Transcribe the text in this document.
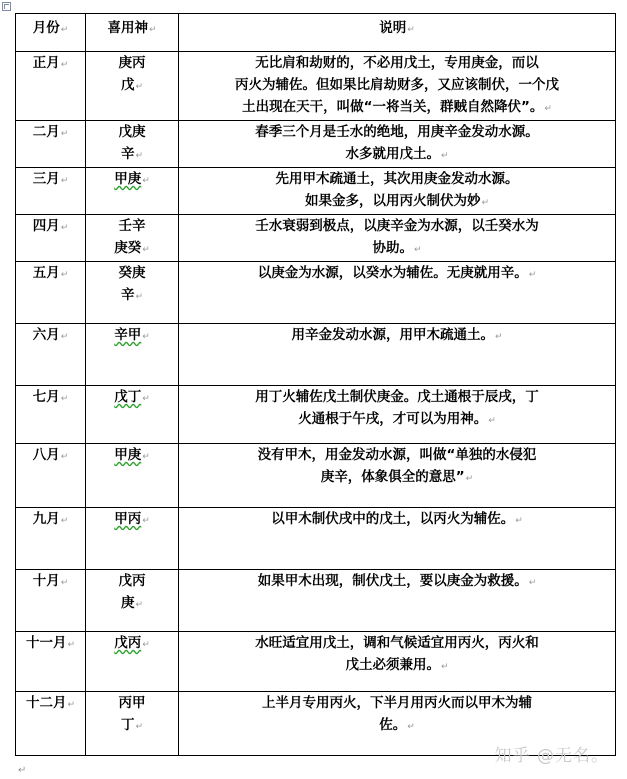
月份↵	喜用神↵	说明↵
正月↵	庚丙
戊↵	无比肩和劫财的，不必用戊土，专用庚金，而以
丙火为辅佐。但如果比肩劫财多，又应该制伏，一个戊
土出现在天干，叫做“一将当关，群贼自然降伏”。↵

二月↵	戊庚
辛↵	春季三个月是壬水的绝地，用庚辛金发动水源。
水多就用戊土。↵

三月↵	甲庚↵	先用甲木疏通土，其次用庚金发动水源。
如果金多，以用丙火制伏为妙↵

四月↵	壬辛
庚癸↵	壬水衰弱到极点，以庚辛金为水源，以壬癸水为
协助。↵

五月↵	癸庚
辛↵	以庚金为水源，以癸水为辅佐。无庚就用辛。↵

六月↵	辛甲↵	用辛金发动水源，用甲木疏通土。↵

七月↵	戊丁↵	用丁火辅佐戊土制伏庚金。戊土通根于辰戌，丁
火通根于午戌，才可以为用神。↵

八月↵	甲庚↵	没有甲木，用金发动水源，叫做“单独的水侵犯
庚辛，体象俱全的意思”↵

九月↵	甲丙↵	以甲木制伏戌中的戊土，以丙火为辅佐。↵

十月↵	戊丙
庚↵	如果甲木出现，制伏戊土，要以庚金为救援。↵

十一月↵	戊丙↵	水旺适宜用戊土，调和气候适宜用丙火，丙火和
戊土必须兼用。↵

十二月↵	丙甲
丁↵	上半月专用丙火，下半月用丙火而以甲木为辅
佐。↵
知乎 @无名。
↵
